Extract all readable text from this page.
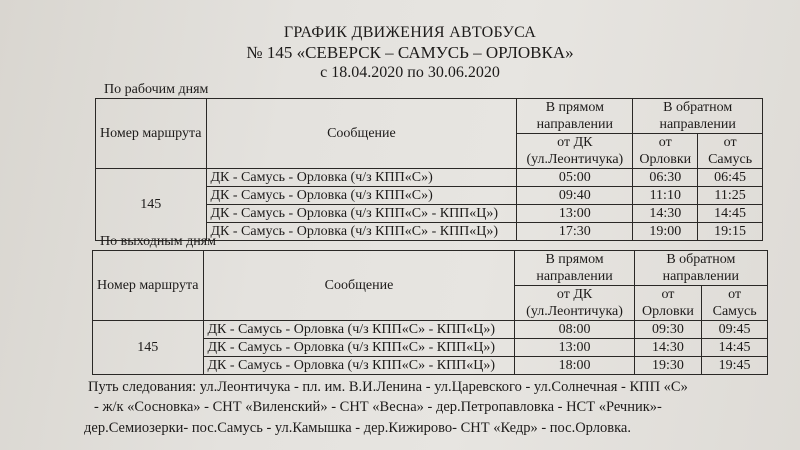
ГРАФИК ДВИЖЕНИЯ АВТОБУСА
№ 145 «СЕВЕРСК – САМУСЬ – ОРЛОВКА»
с 18.04.2020 по 30.06.2020
По рабочим дням
Номер маршрута	Сообщение	В прямом направлении	В обратном направлении	
		от ДК (ул.Леонтичука)	от Орловки	от Самусь
145	ДК - Самусь - Орловка (ч/з КПП«С»)	05:00	06:30	06:45
	ДК - Самусь - Орловка (ч/з КПП«С»)	09:40	11:10	11:25
	ДК - Самусь - Орловка (ч/з КПП«С» - КПП«Ц»)	13:00	14:30	14:45
	ДК - Самусь - Орловка (ч/з КПП«С» - КПП«Ц»)	17:30	19:00	19:15
По выходным дням
Номер маршрута	Сообщение	В прямом направлении	В обратном направлении	
		от ДК (ул.Леонтичука)	от Орловки	от Самусь
145	ДК - Самусь - Орловка (ч/з КПП«С» - КПП«Ц»)	08:00	09:30	09:45
	ДК - Самусь - Орловка (ч/з КПП«С» - КПП«Ц»)	13:00	14:30	14:45
	ДК - Самусь - Орловка (ч/з КПП«С» - КПП«Ц»)	18:00	19:30	19:45
Путь следования: ул.Леонтичука - пл. им. В.И.Ленина - ул.Царевского - ул.Солнечная - КПП «С»
- ж/к «Сосновка» - СНТ «Виленский» - СНТ «Весна» - дер.Петропавловка - НСТ «Речник»-
дер.Семиозерки- пос.Самусь - ул.Камышка - дер.Кижирово- СНТ «Кедр» - пос.Орловка.
